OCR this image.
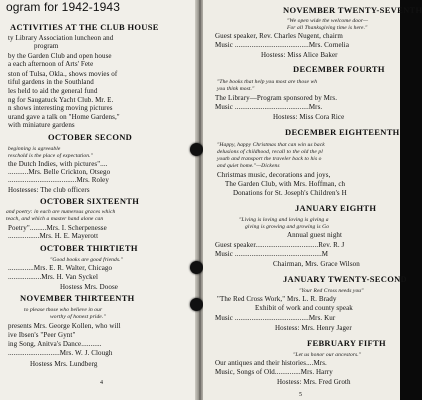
ogram for 1942-1943
ACTIVITIES AT THE CLUB HOUSE
ty Library Association luncheon and
program
by the Garden Club and open house
a each afternoon of Arts' Fete
ston of Tulsa, Okla., shows movies of
tiful gardens in the Southland
les held to aid the general fund
ng for Saugatuck Yacht Club. Mr. E.
n shows interesting moving pictures
urand gave a talk on "Home Gardens,"
with miniature gardens
OCTOBER SECOND
beginning is agreeable
reschold is the place of expectation."
the Dutch Indies, with pictures"....
...........Mrs. Belle Crickton, Otsego
.....................................Mrs. Roley
Hostesses: The club officers
OCTOBER SIXTEENTH
and poetry: in each are numerous graces which
teach, and which a master hand alone can
Poetry".........Mrs. I. Scherpenesse
.................Mrs. H. E. Mayerott
OCTOBER THIRTIETH
"Good books are good friends."
..............Mrs. E. R. Walter, Chicago
..................Mrs. H. Van Syckel
Hostess Mrs. Doose
NOVEMBER THIRTEENTH
to please those who believe in our
worthy of honest pride."
presents Mrs. George Kollen, who will
ive Ibsen's "Peer Gynt"
ing Song, Anitva's Dance...........
............................Mrs. W. J. Clough
Hostess Mrs. Lundberg
4
NOVEMBER TWENTY-SEVENTH
"We open wide the welcome door—
For all Thanksgiving time is here."
Guest speaker, Rev. Charles Nugent, chairm
Music ........................................Mrs. Cornelia
Hostess: Miss Alice Baker
DECEMBER FOURTH
"The books that help you most are those wh
you think most."
The Library—Program sponsored by Mrs.
Music ........................................Mrs.
Hostess: Miss Cora Rice
DECEMBER EIGHTEENTH
"Happy, happy Christmas that can win us back
delusions of childhood, recall to the old the pl
youth and transport the traveler back to his o
and quiet home."—Dickens
Christmas music, decorations and joys,
The Garden Club, with Mrs. Hoffman, ch
Donations for St. Joseph's Children's H
JANUARY EIGHTH
"Living is loving and loving is giving a
giving is growing and growing is Go
Annual guest night
Guest speaker..................................Rev. R. J
Music ...............................................M
Chairman, Mrs. Grace Wilson
JANUARY TWENTY-SECOND
"Your Red Cross needs you"
"The Red Cross Work," Mrs. L. R. Brady
Exhibit of work and county speak
Music ........................................Mrs. Kur
Hostess: Mrs. Henry Jager
FEBRUARY FIFTH
"Let us honor our ancestors."
Our antiques and their histories....Mrs.
Music, Songs of Old..............Mrs. Harry
Hostess: Mrs. Fred Groth
5
